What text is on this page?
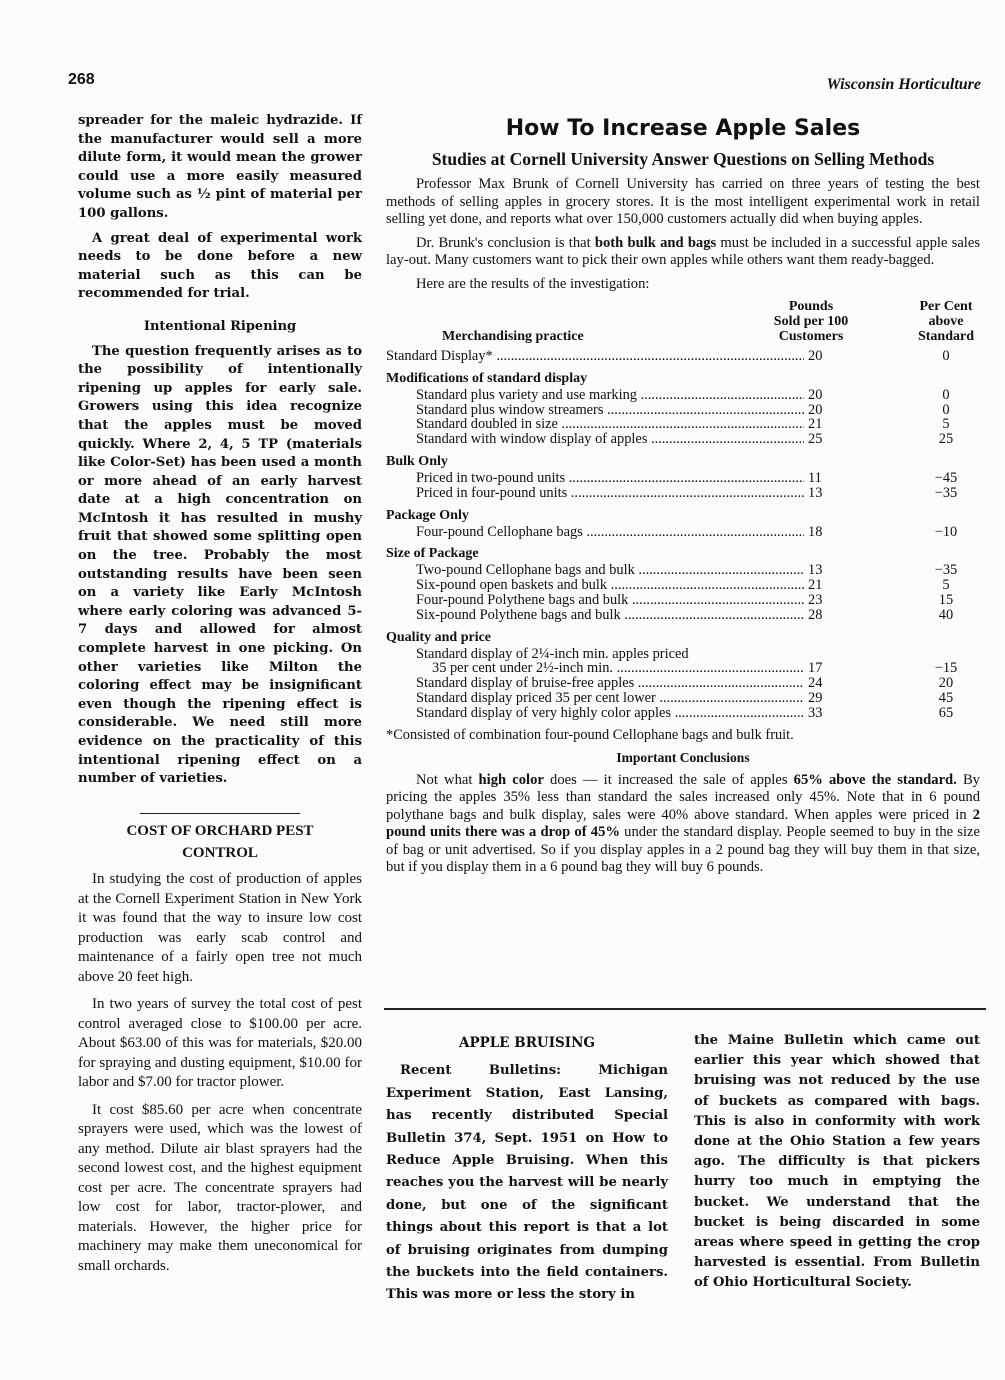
268	Wisconsin Horticulture

spreader for the maleic hydrazide. If the manufacturer would sell a more dilute form, it would mean the grower could use a more easily measured volume such as ½ pint of material per 100 gallons.

A great deal of experimental work needs to be done before a new material such as this can be recommended for trial.

Intentional Ripening

The question frequently arises as to the possibility of intentionally ripening up apples for early sale. Growers using this idea recognize that the apples must be moved quickly. Where 2, 4, 5 TP (materials like Color-Set) has been used a month or more ahead of an early harvest date at a high concentration on McIntosh it has resulted in mushy fruit that showed some splitting open on the tree. Probably the most outstanding results have been seen on a variety like Early McIntosh where early coloring was advanced 5-7 days and allowed for almost complete harvest in one picking. On other varieties like Milton the coloring effect may be insignificant even though the ripening effect is considerable. We need still more evidence on the practicality of this intentional ripening effect on a number of varieties.

COST OF ORCHARD PEST
CONTROL

In studying the cost of production of apples at the Cornell Experiment Station in New York it was found that the way to insure low cost production was early scab control and maintenance of a fairly open tree not much above 20 feet high.

In two years of survey the total cost of pest control averaged close to $100.00 per acre. About $63.00 of this was for materials, $20.00 for spraying and dusting equipment, $10.00 for labor and $7.00 for tractor plower.

It cost $85.60 per acre when concentrate sprayers were used, which was the lowest of any method. Dilute air blast sprayers had the second lowest cost, and the highest equipment cost per acre. The concentrate sprayers had low cost for labor, tractor-plower, and materials. However, the higher price for machinery may make them uneconomical for small orchards.

How To Increase Apple Sales
Studies at Cornell University Answer Questions on Selling Methods

Professor Max Brunk of Cornell University has carried on three years of testing the best methods of selling apples in grocery stores. It is the most intelligent experimental work in retail selling yet done, and reports what over 150,000 customers actually did when buying apples.

Dr. Brunk's conclusion is that both bulk and bags must be included in a successful apple sales lay-out. Many customers want to pick their own apples while others want them ready-bagged.

Here are the results of the investigation:

Merchandising practice
Pounds
Sold per 100
Customers
Per Cent
above
Standard
Standard Display* .....	20	0
Modifications of standard display
Standard plus variety and use marking .....	20	0
Standard plus window streamers .....	20	0
Standard doubled in size .....	21	5
Standard with window display of apples .....	25	25
Bulk Only
Priced in two-pound units .....	11	−45
Priced in four-pound units .....	13	−35
Package Only
Four-pound Cellophane bags .....	18	−10
Size of Package
Two-pound Cellophane bags and bulk .....	13	−35
Six-pound open baskets and bulk .....	21	5
Four-pound Polythene bags and bulk .....	23	15
Six-pound Polythene bags and bulk .....	28	40
Quality and price
Standard display of 2¼-inch min. apples priced
35 per cent under 2½-inch min. .....	17	−15
Standard display of bruise-free apples .....	24	20
Standard display priced 35 per cent lower .....	29	45
Standard display of very highly color apples .....	33	65
*Consisted of combination four-pound Cellophane bags and bulk fruit.
Important Conclusions

Not what high color does — it increased the sale of apples 65% above the standard. By pricing the apples 35% less than standard the sales increased only 45%. Note that in 6 pound polythane bags and bulk display, sales were 40% above standard. When apples were priced in 2 pound units there was a drop of 45% under the standard display. People seemed to buy in the size of bag or unit advertised. So if you display apples in a 2 pound bag they will buy them in that size, but if you display them in a 6 pound bag they will buy 6 pounds.

APPLE BRUISING

Recent Bulletins: Michigan Experiment Station, East Lansing, has recently distributed Special Bulletin 374, Sept. 1951 on How to Reduce Apple Bruising. When this reaches you the harvest will be nearly done, but one of the significant things about this report is that a lot of bruising originates from dumping the buckets into the field containers. This was more or less the story in

the Maine Bulletin which came out earlier this year which showed that bruising was not reduced by the use of buckets as compared with bags. This is also in conformity with work done at the Ohio Station a few years ago. The difficulty is that pickers hurry too much in emptying the bucket. We understand that the bucket is being discarded in some areas where speed in getting the crop harvested is essential. From Bulletin of Ohio Horticultural Society.
